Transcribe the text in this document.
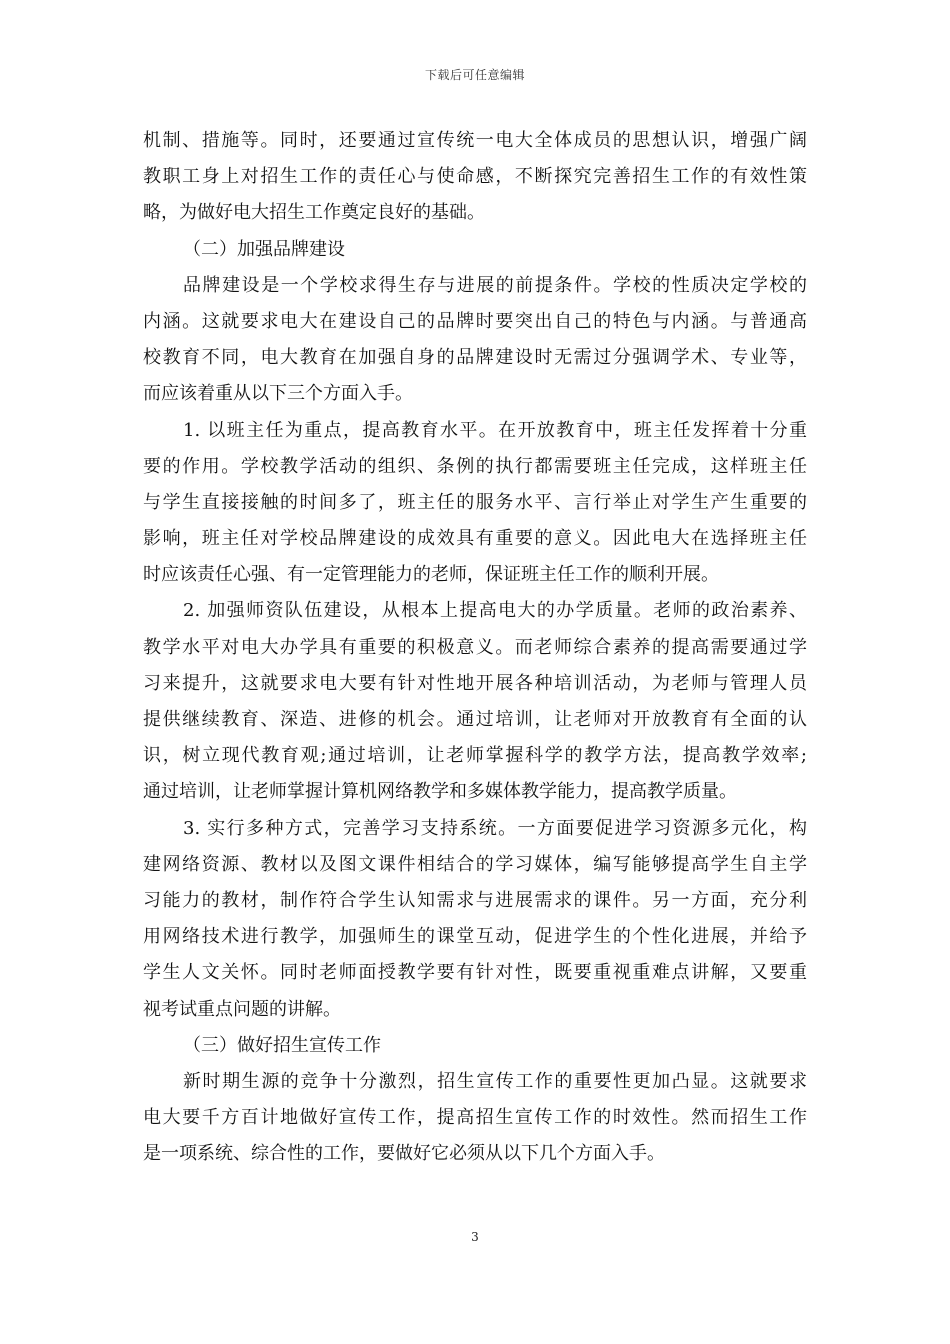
下载后可任意编辑
机制、措施等。同时，还要通过宣传统一电大全体成员的思想认识，增强广阔
教职工身上对招生工作的责任心与使命感，不断探究完善招生工作的有效性策
略，为做好电大招生工作奠定良好的基础。
（二）加强品牌建设
品牌建设是一个学校求得生存与进展的前提条件。学校的性质决定学校的
内涵。这就要求电大在建设自己的品牌时要突出自己的特色与内涵。与普通高
校教育不同，电大教育在加强自身的品牌建设时无需过分强调学术、专业等，
而应该着重从以下三个方面入手。
1. 以班主任为重点，提高教育水平。在开放教育中，班主任发挥着十分重
要的作用。学校教学活动的组织、条例的执行都需要班主任完成，这样班主任
与学生直接接触的时间多了，班主任的服务水平、言行举止对学生产生重要的
影响，班主任对学校品牌建设的成效具有重要的意义。因此电大在选择班主任
时应该责任心强、有一定管理能力的老师，保证班主任工作的顺利开展。
2. 加强师资队伍建设，从根本上提高电大的办学质量。老师的政治素养、
教学水平对电大办学具有重要的积极意义。而老师综合素养的提高需要通过学
习来提升，这就要求电大要有针对性地开展各种培训活动，为老师与管理人员
提供继续教育、深造、进修的机会。通过培训，让老师对开放教育有全面的认
识，树立现代教育观;通过培训，让老师掌握科学的教学方法，提高教学效率;
通过培训，让老师掌握计算机网络教学和多媒体教学能力，提高教学质量。
3. 实行多种方式，完善学习支持系统。一方面要促进学习资源多元化，构
建网络资源、教材以及图文课件相结合的学习媒体，编写能够提高学生自主学
习能力的教材，制作符合学生认知需求与进展需求的课件。另一方面，充分利
用网络技术进行教学，加强师生的课堂互动，促进学生的个性化进展，并给予
学生人文关怀。同时老师面授教学要有针对性，既要重视重难点讲解，又要重
视考试重点问题的讲解。
（三）做好招生宣传工作
新时期生源的竞争十分激烈，招生宣传工作的重要性更加凸显。这就要求
电大要千方百计地做好宣传工作，提高招生宣传工作的时效性。然而招生工作
是一项系统、综合性的工作，要做好它必须从以下几个方面入手。
3
